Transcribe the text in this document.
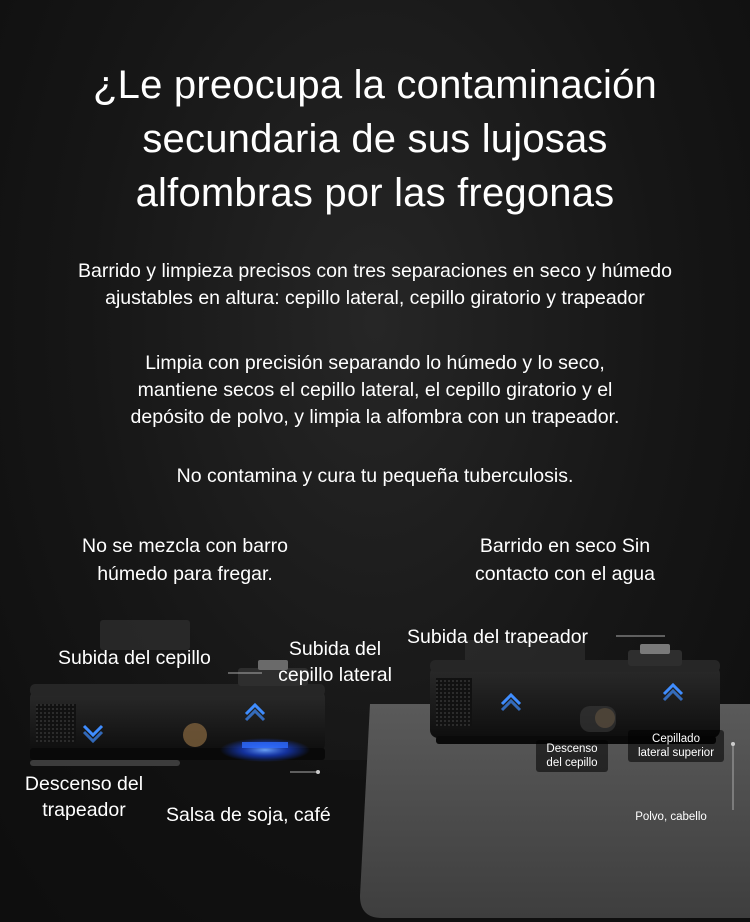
¿Le preocupa la contaminación
secundaria de sus lujosas
alfombras por las fregonas
Barrido y limpieza precisos con tres separaciones en seco y húmedo
ajustables en altura: cepillo lateral, cepillo giratorio y trapeador
Limpia con precisión separando lo húmedo y lo seco,
mantiene secos el cepillo lateral, el cepillo giratorio y el
depósito de polvo, y limpia la alfombra con un trapeador.
No contamina y cura tu pequeña tuberculosis.
No se mezcla con barro
húmedo para fregar.
Barrido en seco Sin
contacto con el agua
Subida del cepillo	Subida del
cepillo lateral
Descenso del
trapeador	Salsa de soja, café
Subida del trapeador
Descenso
del cepillo
Cepillado
lateral superior
Polvo, cabello
